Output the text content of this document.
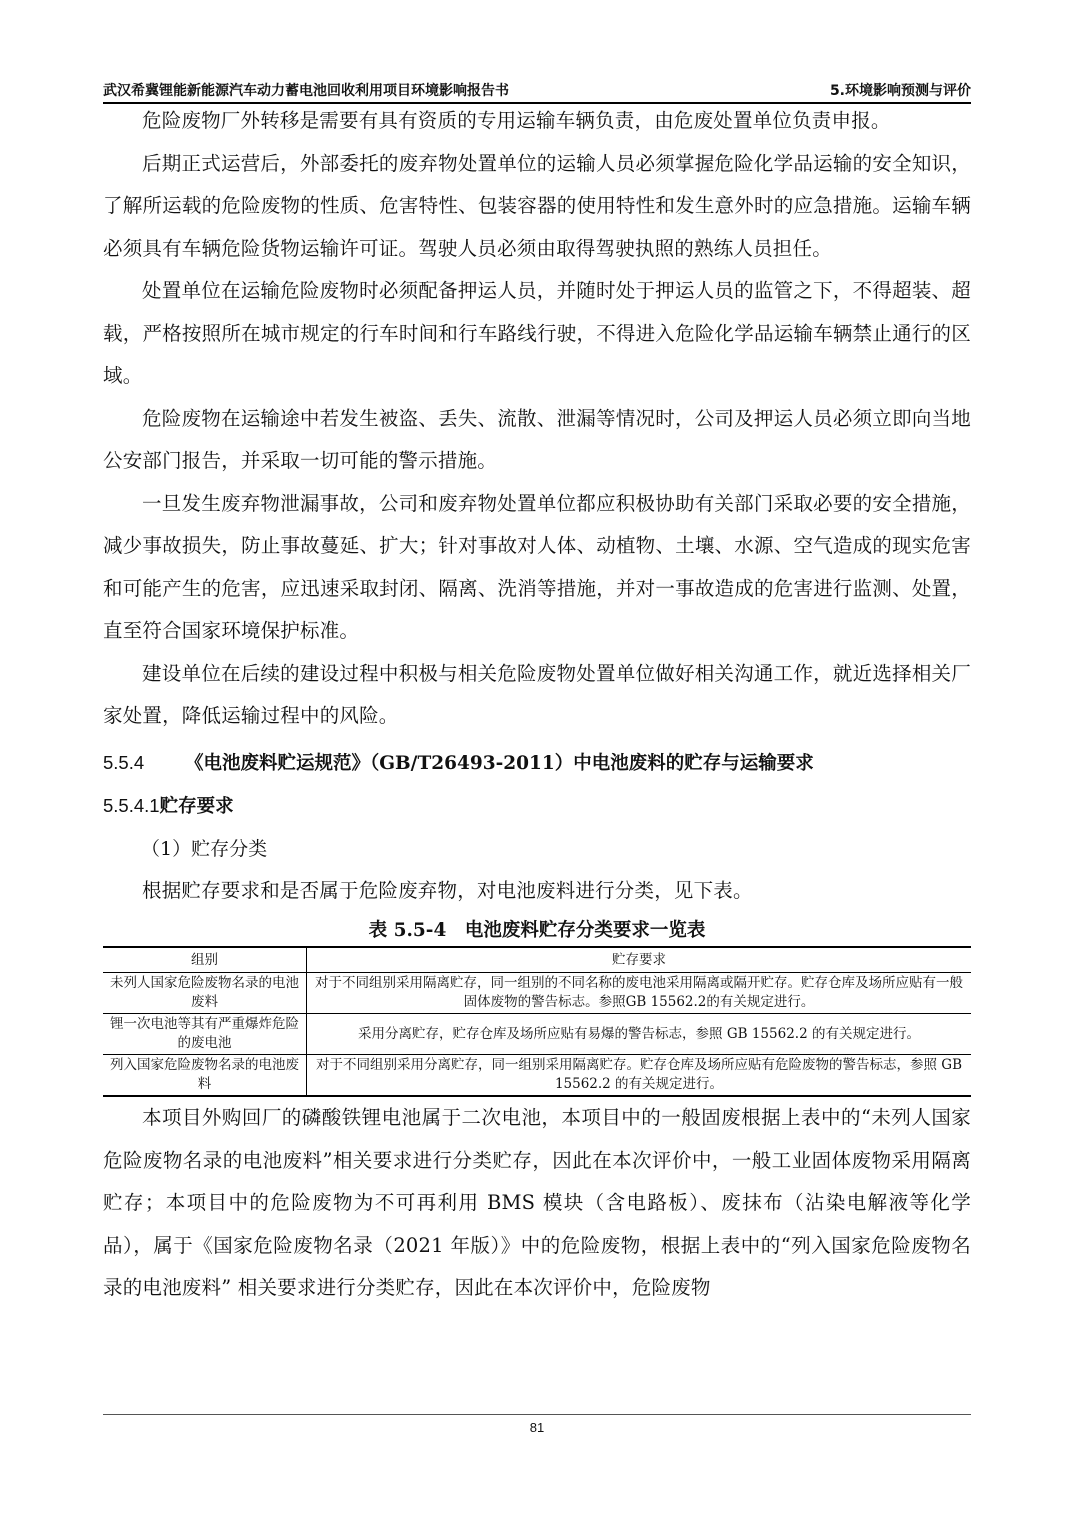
武汉希冀锂能新能源汽车动力蓄电池回收利用项目环境影响报告书	5.环境影响预测与评价

危险废物厂外转移是需要有具有资质的专用运输车辆负责，由危废处置单位负责申报。

后期正式运营后，外部委托的废弃物处置单位的运输人员必须掌握危险化学品运输的安全知识，了解所运载的危险废物的性质、危害特性、包装容器的使用特性和发生意外时的应急措施。运输车辆必须具有车辆危险货物运输许可证。驾驶人员必须由取得驾驶执照的熟练人员担任。

处置单位在运输危险废物时必须配备押运人员，并随时处于押运人员的监管之下，不得超装、超载，严格按照所在城市规定的行车时间和行车路线行驶，不得进入危险化学品运输车辆禁止通行的区域。

危险废物在运输途中若发生被盗、丢失、流散、泄漏等情况时，公司及押运人员必须立即向当地公安部门报告，并采取一切可能的警示措施。

一旦发生废弃物泄漏事故，公司和废弃物处置单位都应积极协助有关部门采取必要的安全措施，减少事故损失，防止事故蔓延、扩大；针对事故对人体、动植物、土壤、水源、空气造成的现实危害和可能产生的危害，应迅速采取封闭、隔离、洗消等措施，并对一事故造成的危害进行监测、处置，直至符合国家环境保护标准。

建设单位在后续的建设过程中积极与相关危险废物处置单位做好相关沟通工作，就近选择相关厂家处置，降低运输过程中的风险。

5.5.4 《电池废料贮运规范》（GB/T26493-2011）中电池废料的贮存与运输要求

5.5.4.1贮存要求

（1）贮存分类

根据贮存要求和是否属于危险废弃物，对电池废料进行分类，见下表。

表 5.5-4　电池废料贮存分类要求一览表

组别	贮存要求
未列人国家危险废物名录的电池废料	对于不同组别采用隔离贮存，同一组别的不同名称的废电池采用隔离或隔开贮存。贮存仓库及场所应贴有一般固体废物的警告标志。参照GB 15562.2的有关规定进行。
锂一次电池等其有严重爆炸危险的废电池	采用分离贮存，贮存仓库及场所应贴有易爆的警告标志，参照 GB 15562.2 的有关规定进行。
列入国家危险废物名录的电池废料	对于不同组别采用分离贮存，同一组别采用隔离贮存。贮存仓库及场所应贴有危险废物的警告标志，参照 GB 15562.2 的有关规定进行。

本项目外购回厂的磷酸铁锂电池属于二次电池，本项目中的一般固废根据上表中的“未列人国家危险废物名录的电池废料”相关要求进行分类贮存，因此在本次评价中，一般工业固体废物采用隔离贮存；本项目中的危险废物为不可再利用 BMS 模块（含电路板）、废抹布（沾染电解液等化学品），属于《国家危险废物名录（2021 年版）》中的危险废物，根据上表中的“列入国家危险废物名录的电池废料” 相关要求进行分类贮存，因此在本次评价中，危险废物

81
